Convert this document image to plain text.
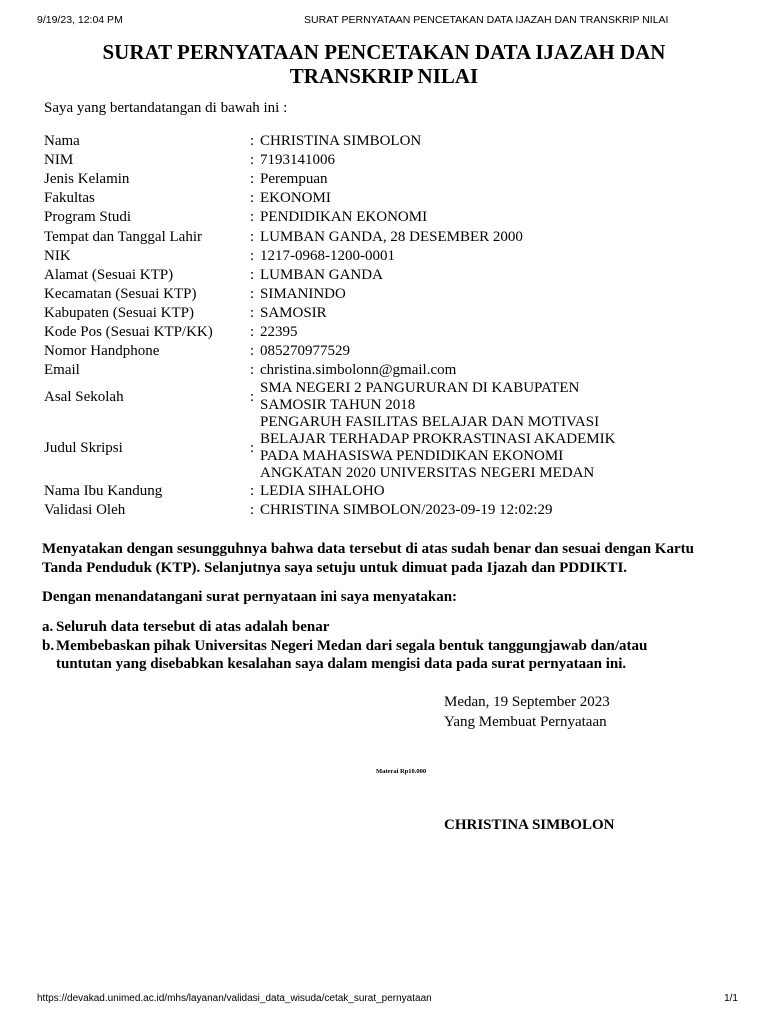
9/19/23, 12:04 PM	SURAT PERNYATAAN PENCETAKAN DATA IJAZAH DAN TRANSKRIP NILAI
SURAT PERNYATAAN PENCETAKAN DATA IJAZAH DAN
TRANSKRIP NILAI
Saya yang bertandatangan di bawah ini :
Nama	:	CHRISTINA SIMBOLON
NIM	:	7193141006
Jenis Kelamin	:	Perempuan
Fakultas	:	EKONOMI
Program Studi	:	PENDIDIKAN EKONOMI
Tempat dan Tanggal Lahir	:	LUMBAN GANDA, 28 DESEMBER 2000
NIK	:	1217-0968-1200-0001
Alamat (Sesuai KTP)	:	LUMBAN GANDA
Kecamatan (Sesuai KTP)	:	SIMANINDO
Kabupaten (Sesuai KTP)	:	SAMOSIR
Kode Pos (Sesuai KTP/KK)	:	22395
Nomor Handphone	:	085270977529
Email	:	christina.simbolonn@gmail.com
Asal Sekolah	:	SMA NEGERI 2 PANGURURAN DI KABUPATEN
SAMOSIR TAHUN 2018

Judul Skripsi	:	PENGARUH FASILITAS BELAJAR DAN MOTIVASI
BELAJAR TERHADAP PROKRASTINASI AKADEMIK
PADA MAHASISWA PENDIDIKAN EKONOMI
ANGKATAN 2020 UNIVERSITAS NEGERI MEDAN

Nama Ibu Kandung	:	LEDIA SIHALOHO
Validasi Oleh	:	CHRISTINA SIMBOLON/2023-09-19 12:02:29
Menyatakan dengan sesungguhnya bahwa data tersebut di atas sudah benar dan sesuai dengan Kartu
Tanda Penduduk (KTP). Selanjutnya saya setuju untuk dimuat pada Ijazah dan PDDIKTI.
Dengan menandatangani surat pernyataan ini saya menyatakan:
a. Seluruh data tersebut di atas adalah benar
b. Membebaskan pihak Universitas Negeri Medan dari segala bentuk tanggungjawab dan/atau
tuntutan yang disebabkan kesalahan saya dalam mengisi data pada surat pernyataan ini.
Medan, 19 September 2023
Yang Membuat Pernyataan
Materai Rp10.000
CHRISTINA SIMBOLON
https://devakad.unimed.ac.id/mhs/layanan/validasi_data_wisuda/cetak_surat_pernyataan	1/1
